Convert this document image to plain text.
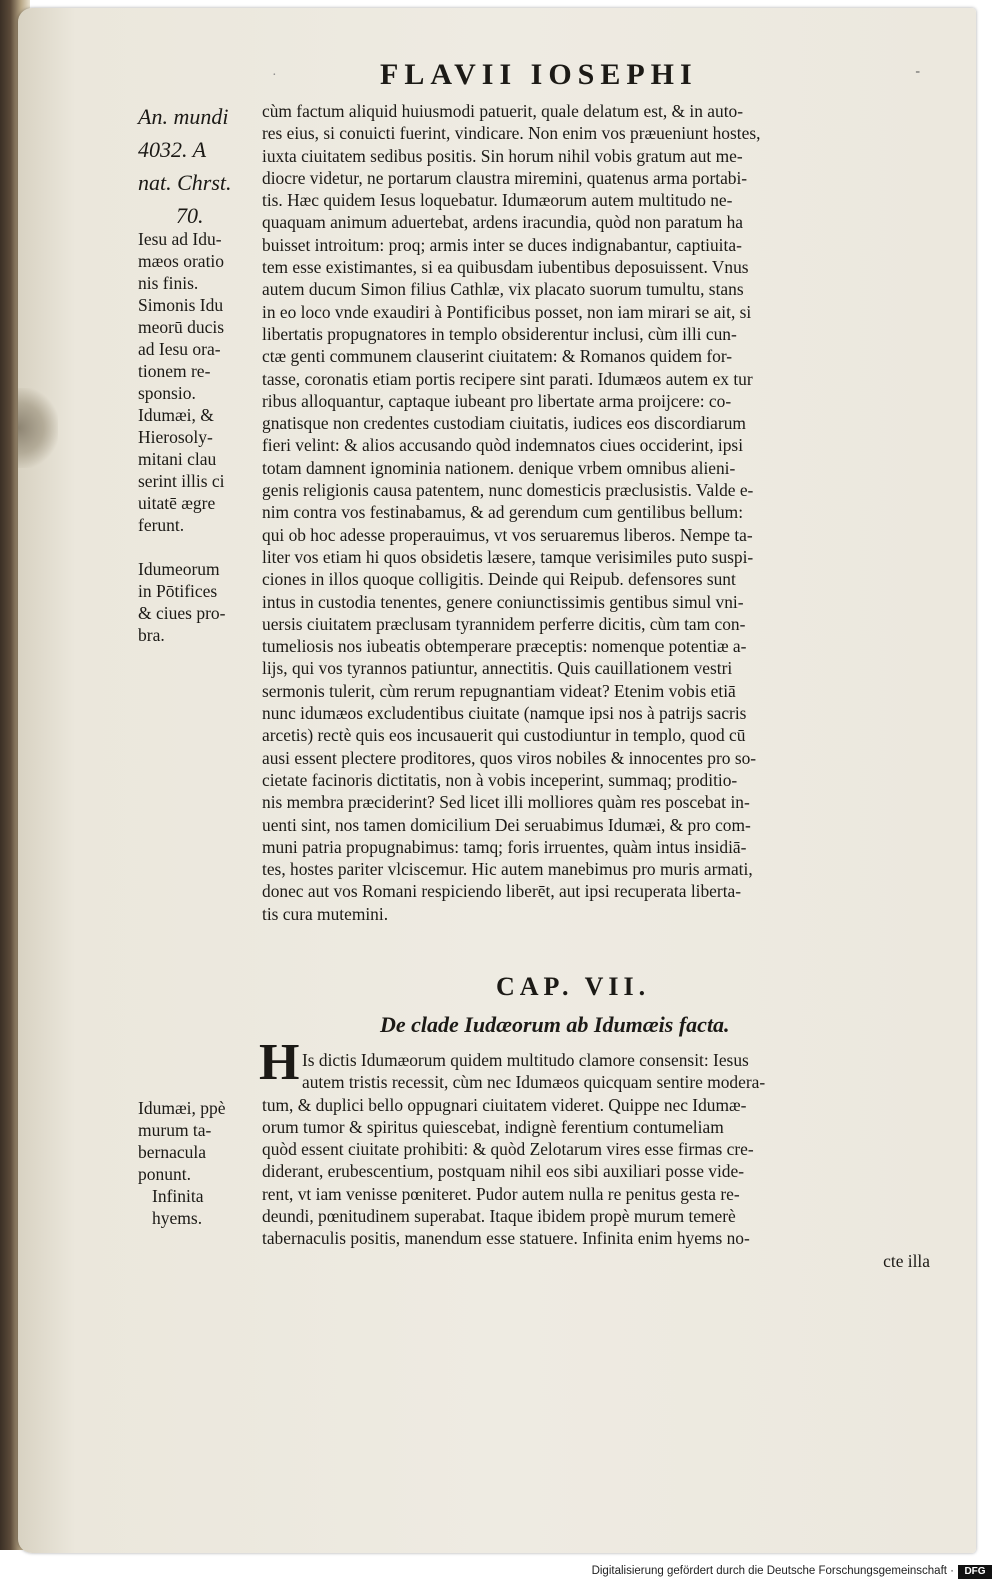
·	FLAVII IOSEPHI	-
An. mundi
4032. A
nat. Chrst.
70.
Iesu ad Idu-
mæos oratio
nis finis.
Simonis Idu
meorū ducis
ad Iesu ora-
tionem re-
sponsio.
Idumæi, &
Hierosoly-
mitani clau
serint illis ci
uitatē ægre
ferunt.
Idumeorum
in Pōtifices
& ciues pro-
bra.
cùm factum aliquid huiusmodi patuerit, quale delatum est, & in auto-
res eius, si conuicti fuerint, vindicare. Non enim vos præueniunt hostes,
iuxta ciuitatem sedibus positis. Sin horum nihil vobis gratum aut me-
diocre videtur, ne portarum claustra miremini, quatenus arma portabi-
tis. Hæc quidem Iesus loquebatur. Idumæorum autem multitudo ne-
quaquam animum aduertebat, ardens iracundia, quòd non paratum ha
buisset introitum: proq; armis inter se duces indignabantur, captiuita-
tem esse existimantes, si ea quibusdam iubentibus deposuissent. Vnus
autem ducum Simon filius Cathlæ, vix placato suorum tumultu, stans
in eo loco vnde exaudiri à Pontificibus posset, non iam mirari se ait, si
libertatis propugnatores in templo obsiderentur inclusi, cùm illi cun-
ctæ genti communem clauserint ciuitatem: & Romanos quidem for-
tasse, coronatis etiam portis recipere sint parati. Idumæos autem ex tur
ribus alloquantur, captaque iubeant pro libertate arma proijcere: co-
gnatisque non credentes custodiam ciuitatis, iudices eos discordiarum
fieri velint: & alios accusando quòd indemnatos ciues occiderint, ipsi
totam damnent ignominia nationem. denique vrbem omnibus alieni-
genis religionis causa patentem, nunc domesticis præclusistis. Valde e-
nim contra vos festinabamus, & ad gerendum cum gentilibus bellum:
qui ob hoc adesse properauimus, vt vos seruaremus liberos. Nempe ta-
liter vos etiam hi quos obsidetis læsere, tamque verisimiles puto suspi-
ciones in illos quoque colligitis. Deinde qui Reipub. defensores sunt
intus in custodia tenentes, genere coniunctissimis gentibus simul vni-
uersis ciuitatem præclusam tyrannidem perferre dicitis, cùm tam con-
tumeliosis nos iubeatis obtemperare præceptis: nomenque potentiæ a-
lijs, qui vos tyrannos patiuntur, annectitis. Quis cauillationem vestri
sermonis tulerit, cùm rerum repugnantiam videat? Etenim vobis etiā
nunc idumæos excludentibus ciuitate (namque ipsi nos à patrijs sacris
arcetis) rectè quis eos incusauerit qui custodiuntur in templo, quod cū
ausi essent plectere proditores, quos viros nobiles & innocentes pro so-
cietate facinoris dictitatis, non à vobis inceperint, summaq; proditio-
nis membra præciderint? Sed licet illi molliores quàm res poscebat in-
uenti sint, nos tamen domicilium Dei seruabimus Idumæi, & pro com-
muni patria propugnabimus: tamq; foris irruentes, quàm intus insidiā-
tes, hostes pariter vlciscemur. Hic autem manebimus pro muris armati,
donec aut vos Romani respiciendo liberēt, aut ipsi recuperata liberta-
tis cura mutemini.
CAP. VII.
De clade Iudæorum ab Idumæis facta.
H Is dictis Idumæorum quidem multitudo clamore consensit: Iesus
autem tristis recessit, cùm nec Idumæos quicquam sentire modera-
tum, & duplici bello oppugnari ciuitatem videret. Quippe nec Idumæ-
orum tumor & spiritus quiescebat, indignè ferentium contumeliam
quòd essent ciuitate prohibiti: & quòd Zelotarum vires esse firmas cre-
diderant, erubescentium, postquam nihil eos sibi auxiliari posse vide-
rent, vt iam venisse pœniteret. Pudor autem nulla re penitus gesta re-
deundi, pœnitudinem superabat. Itaque ibidem propè murum temerè
tabernaculis positis, manendum esse statuere. Infinita enim hyems no-
cte illa
Idumæi, ppè
murum ta-
bernacula
ponunt.
Infinita
hyems.
Digitalisierung gefördert durch die Deutsche Forschungsgemeinschaft ·	DFG
